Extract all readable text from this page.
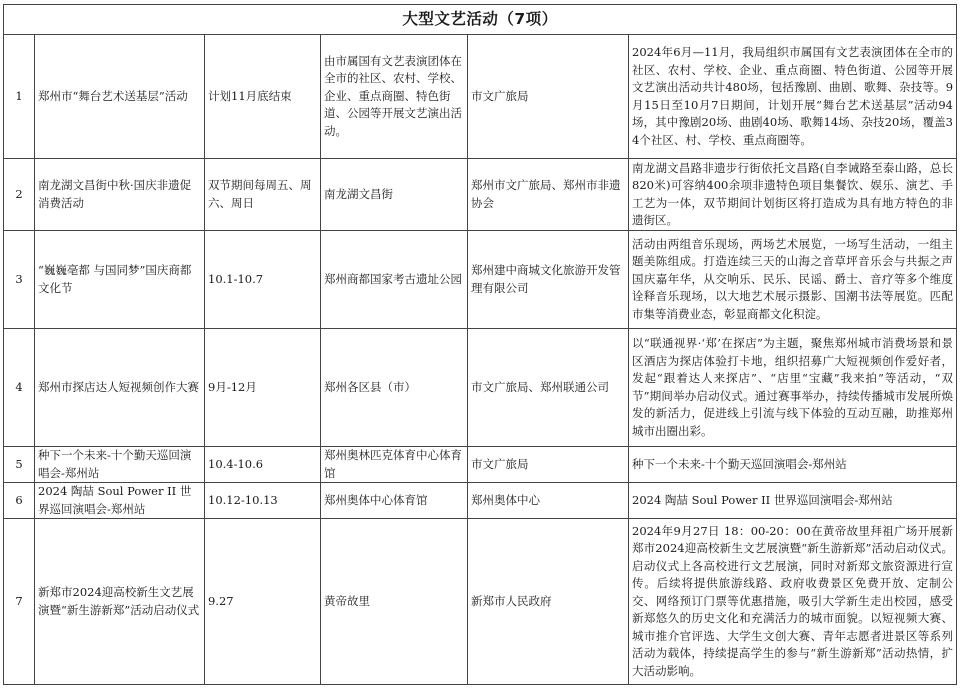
大型文艺活动（7项）					
1	郑州市“舞台艺术送基层”活动	计划11月底结束	由市属国有文艺表演团体在全市的社区、农村、学校、企业、重点商圈、特色街道、公园等开展文艺演出活动。	市文广旅局	2024年6月—11月，我局组织市属国有文艺表演团体在全市的社区、农村、学校、企业、重点商圈、特色街道、公园等开展文艺演出活动共计480场，包括豫剧、曲剧、歌舞、杂技等。9月15日至10月7日期间，计划开展“舞台艺术送基层”活动94场，其中豫剧20场、曲剧40场、歌舞14场、杂技20场，覆盖34个社区、村、学校、重点商圈等。
2	南龙湖文昌街中秋·国庆非遗促消费活动	双节期间每周五、周六、周日	南龙湖文昌街	郑州市文广旅局、郑州市非遗协会	南龙湖文昌路非遗步行街依托文昌路(自李诫路至泰山路，总长820米)可容纳400余项非遗特色项目集餐饮、娱乐、演艺、手工艺为一体，双节期间计划街区将打造成为具有地方特色的非遗街区。
3	“巍巍亳都 与国同梦”国庆商都文化节	10.1-10.7	郑州商都国家考古遗址公园	郑州建中商城文化旅游开发管理有限公司	活动由两组音乐现场，两场艺术展览，一场写生活动，一组主题美陈组成。打造连续三天的山海之音草坪音乐会与共振之声国庆嘉年华，从交响乐、民乐、民谣、爵士、音疗等多个维度诠释音乐现场，以大地艺术展示摄影、国潮书法等展览。匹配市集等消费业态，彰显商都文化积淀。
4	郑州市探店达人短视频创作大赛	9月-12月	郑州各区县（市）	市文广旅局、郑州联通公司	以“联通视界·‘郑’在探店”为主题，聚焦郑州城市消费场景和景区酒店为探店体验打卡地，组织招募广大短视频创作爱好者，发起“跟着达人来探店”、“店里“宝藏”我来拍”等活动，“双节”期间举办启动仪式。通过赛事举办，持续传播城市发展所焕发的新活力，促进线上引流与线下体验的互动互融，助推郑州城市出圈出彩。
5	种下一个未来-十个勤天巡回演唱会-郑州站	10.4-10.6	郑州奥林匹克体育中心体育馆	市文广旅局	种下一个未来-十个勤天巡回演唱会-郑州站
6	2024 陶喆 Soul Power II 世界巡回演唱会-郑州站	10.12-10.13	郑州奥体中心体育馆	郑州奥体中心	2024 陶喆 Soul Power II 世界巡回演唱会-郑州站
7	新郑市2024迎高校新生文艺展演暨“新生游新郑”活动启动仪式	9.27	黄帝故里	新郑市人民政府	2024年9月27日 18：00-20：00在黄帝故里拜祖广场开展新郑市2024迎高校新生文艺展演暨“新生游新郑”活动启动仪式。启动仪式上各高校进行文艺展演，同时对新郑文旅资源进行宣传。后续将提供旅游线路、政府收费景区免费开放、定制公交、网络预订门票等优惠措施，吸引大学新生走出校园，感受新郑悠久的历史文化和充满活力的城市面貌。以短视频大赛、城市推介官评选、大学生文创大赛、青年志愿者进景区等系列活动为载体，持续提高学生的参与“新生游新郑”活动热情，扩大活动影响。
